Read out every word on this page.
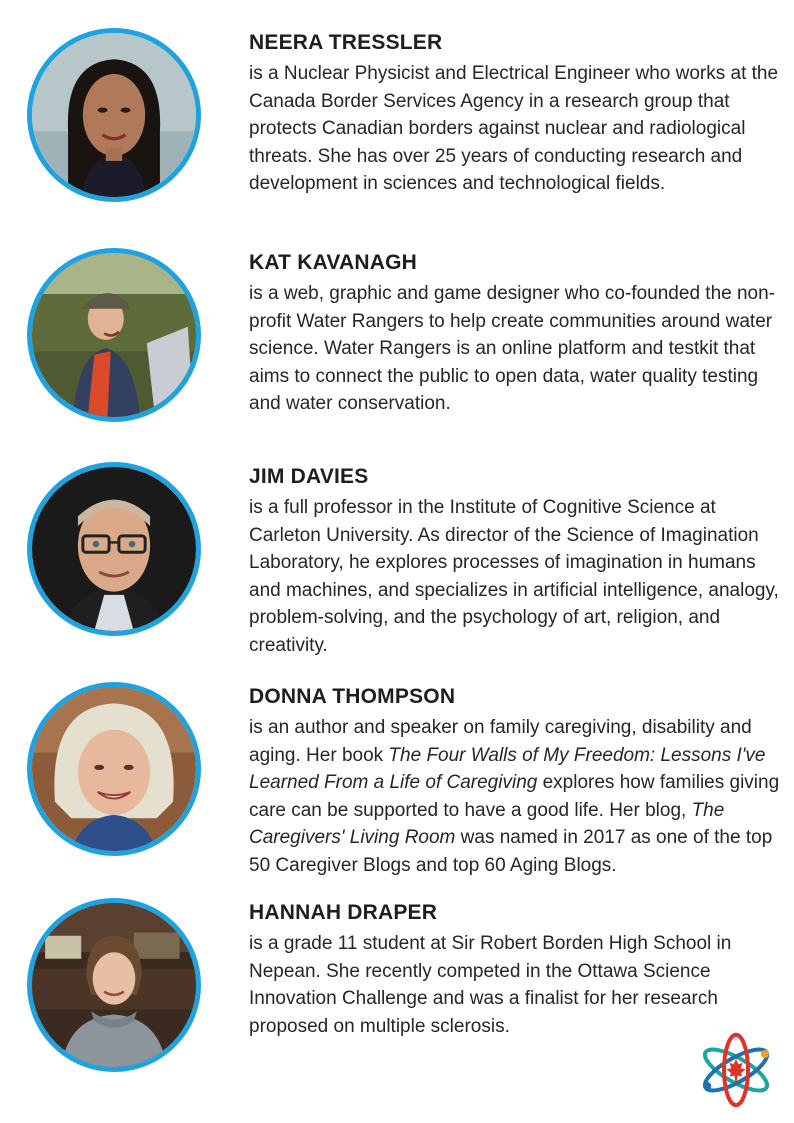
NEERA TRESSLER

is a Nuclear Physicist and Electrical Engineer who works at the Canada Border Services Agency in a research group that protects Canadian borders against nuclear and radiological threats. She has over 25 years of conducting research and development in sciences and technological fields.

KAT KAVANAGH

is a web, graphic and game designer who co-founded the non-profit Water Rangers to help create communities around water science. Water Rangers is an online platform and testkit that aims to connect the public to open data, water quality testing and water conservation.

JIM DAVIES

is a full professor in the Institute of Cognitive Science at Carleton University. As director of the Science of Imagination Laboratory, he explores processes of imagination in humans and machines, and specializes in artificial intelligence, analogy, problem-solving, and the psychology of art, religion, and creativity.

DONNA THOMPSON

is an author and speaker on family caregiving, disability and aging. Her book The Four Walls of My Freedom: Lessons I've Learned From a Life of Caregiving explores how families giving care can be supported to have a good life. Her blog, The Caregivers' Living Room was named in 2017 as one of the top 50 Caregiver Blogs and top 60 Aging Blogs.

HANNAH DRAPER

is a grade 11 student at Sir Robert Borden High School in Nepean. She recently competed in the Ottawa Science Innovation Challenge and was a finalist for her research proposed on multiple sclerosis.
